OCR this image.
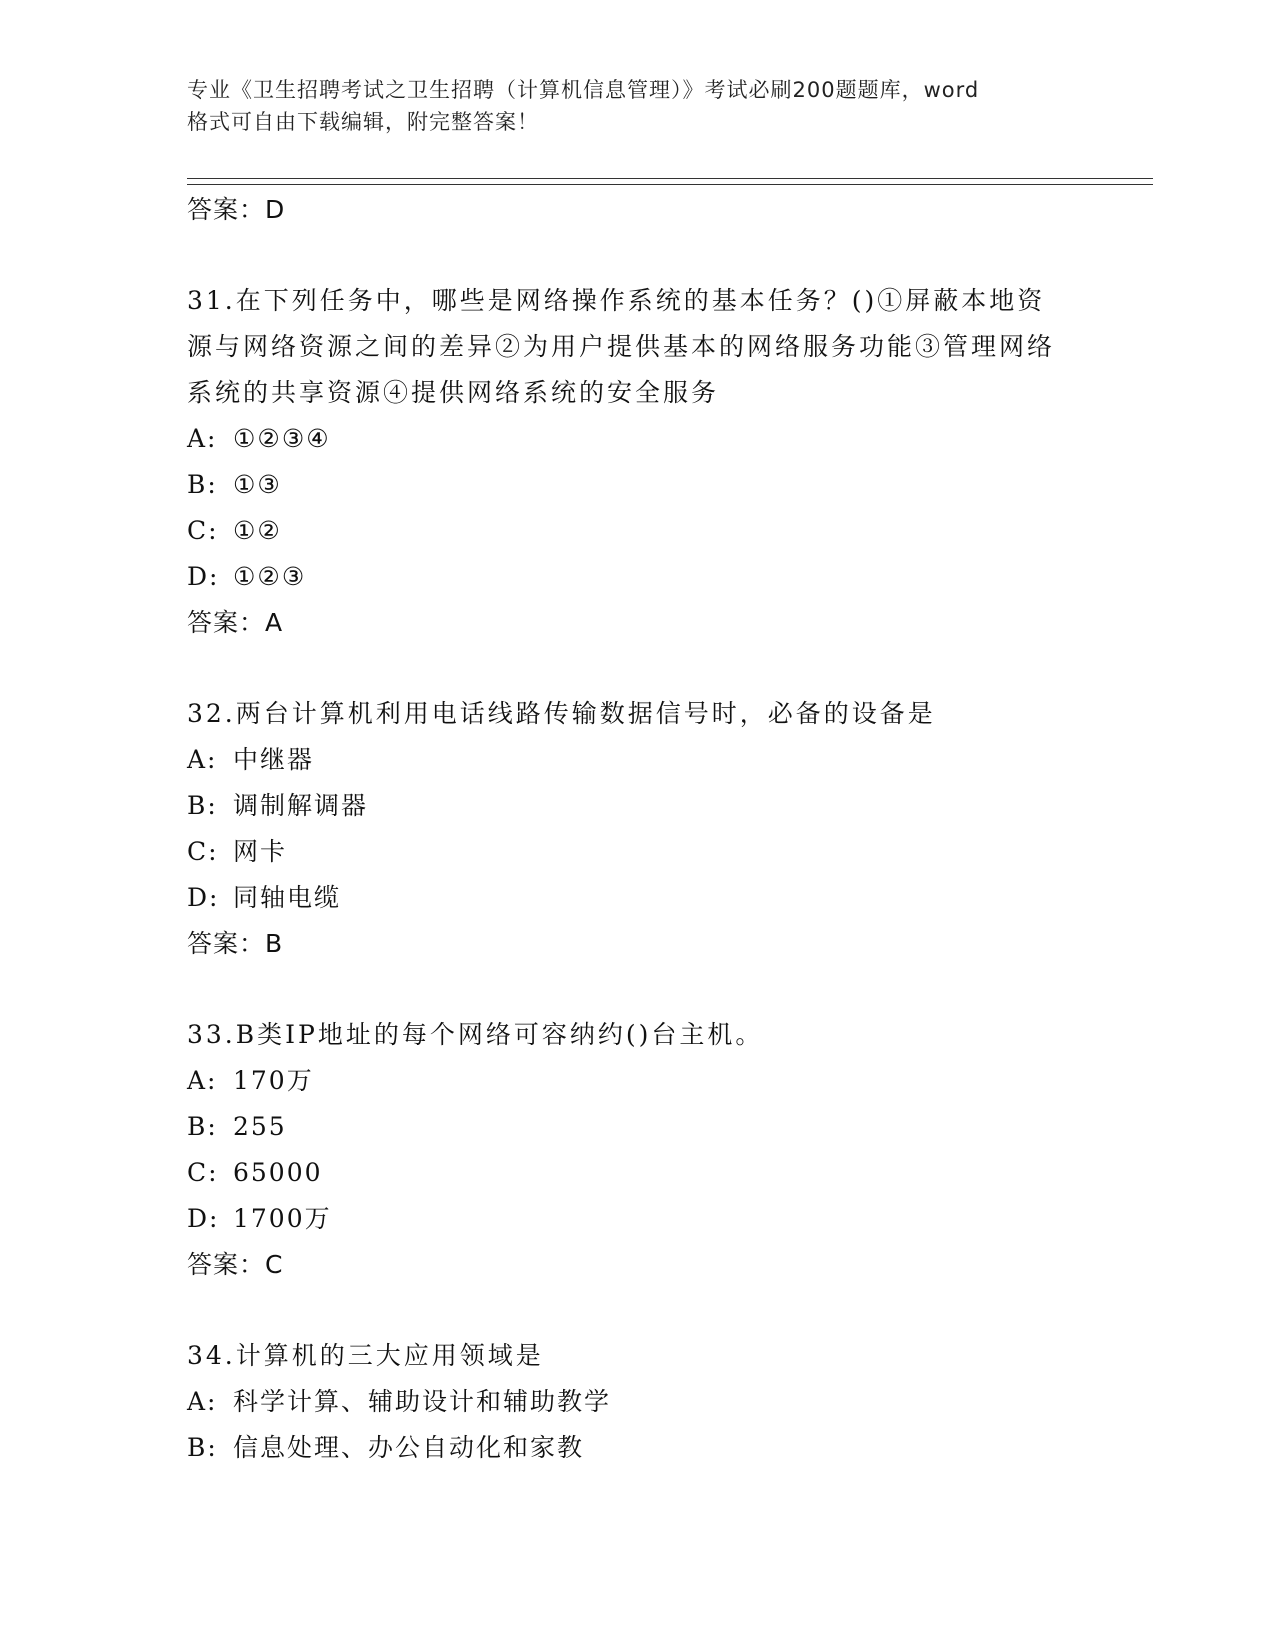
专业《卫生招聘考试之卫生招聘（计算机信息管理）》考试必刷200题题库，word
格式可自由下载编辑，附完整答案！
答案：D
31.在下列任务中，哪些是网络操作系统的基本任务？()①屏蔽本地资源与网络资源之间的差异②为用户提供基本的网络服务功能③管理网络系统的共享资源④提供网络系统的安全服务
A: ①②③④
B: ①③
C: ①②
D: ①②③
答案：A
32.两台计算机利用电话线路传输数据信号时，必备的设备是
A: 中继器
B: 调制解调器
C: 网卡
D: 同轴电缆
答案：B
33.B类IP地址的每个网络可容纳约()台主机。
A: 170万
B: 255
C: 65000
D: 1700万
答案：C
34.计算机的三大应用领域是
A: 科学计算、辅助设计和辅助教学
B: 信息处理、办公自动化和家教
